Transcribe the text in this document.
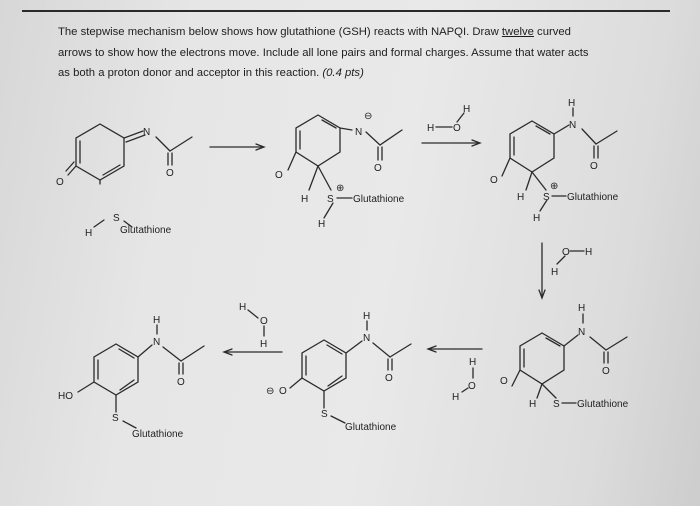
The stepwise mechanism below shows how glutathione (GSH) reacts with NAPQI. Draw twelve curved
arrows to show how the electrons move. Include all lone pairs and formal charges. Assume that water acts
as both a proton donor and acceptor in this reaction. (0.4 pts)
N
O
O
N
⊖
O
O
H S
⊕
Glutathione
H
H O
H
H
N
O
O
H S
⊕
Glutathione
H
H
S
Glutathione
O H
H
H
N
O
O
H S Glutathione
H
O
H
H
N
O
⊖ O
S
Glutathione
H
O
H
H
N
O
HO
S
Glutathione
